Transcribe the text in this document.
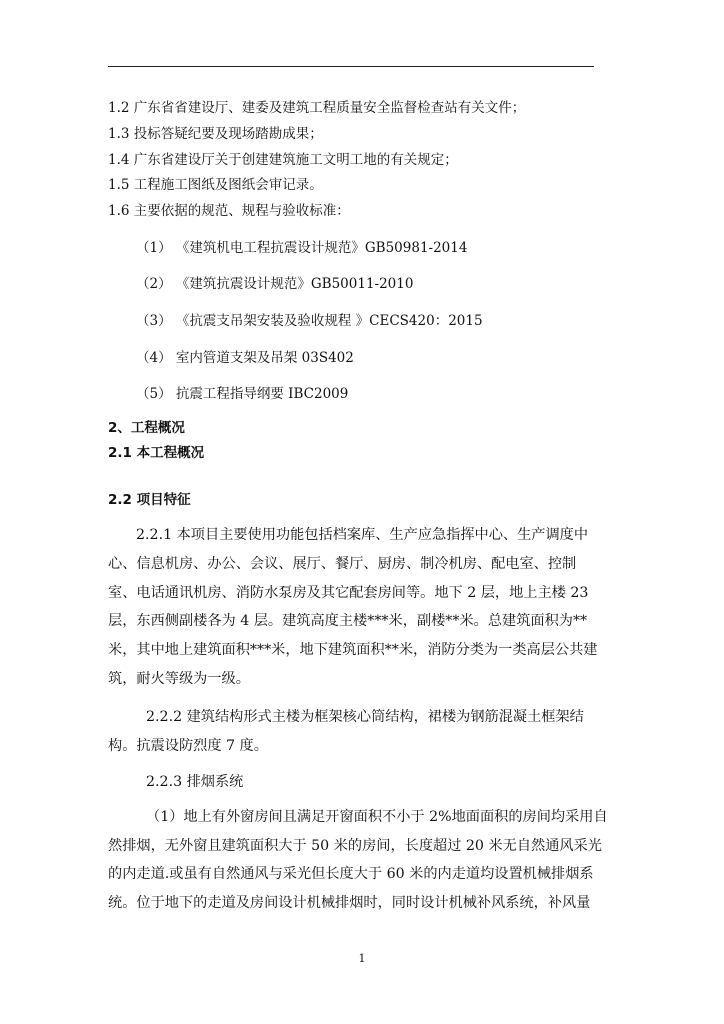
1.2 广东省省建设厅、建委及建筑工程质量安全监督检查站有关文件；
1.3 投标答疑纪要及现场踏勘成果；
1.4 广东省建设厅关于创建建筑施工文明工地的有关规定；
1.5 工程施工图纸及图纸会审记录。
1.6 主要依据的规范、规程与验收标准：
（1） 《建筑机电工程抗震设计规范》GB50981-2014
（2） 《建筑抗震设计规范》GB50011-2010
（3） 《抗震支吊架安装及验收规程 》CECS420：2015
（4） 室内管道支架及吊架 03S402
（5） 抗震工程指导纲要 IBC2009
2、工程概况
2.1 本工程概况
2.2 项目特征
2.2.1 本项目主要使用功能包括档案库、生产应急指挥中心、生产调度中
心、信息机房、办公、会议、展厅、餐厅、厨房、制冷机房、配电室、控制
室、电话通讯机房、消防水泵房及其它配套房间等。地下 2 层，地上主楼 23
层，东西侧副楼各为 4 层。建筑高度主楼***米，副楼**米。总建筑面积为**
米，其中地上建筑面积***米，地下建筑面积**米，消防分类为一类高层公共建
筑，耐火等级为一级。
2.2.2 建筑结构形式主楼为框架核心筒结构，裙楼为钢筋混凝土框架结
构。抗震设防烈度 7 度。
2.2.3 排烟系统
（1）地上有外窗房间且满足开窗面积不小于 2%地面面积的房间均采用自
然排烟，无外窗且建筑面积大于 50 米的房间，长度超过 20 米无自然通风采光
的内走道.或虽有自然通风与采光但长度大于 60 米的内走道均设置机械排烟系
统。位于地下的走道及房间设计机械排烟时，同时设计机械补风系统，补风量
1
